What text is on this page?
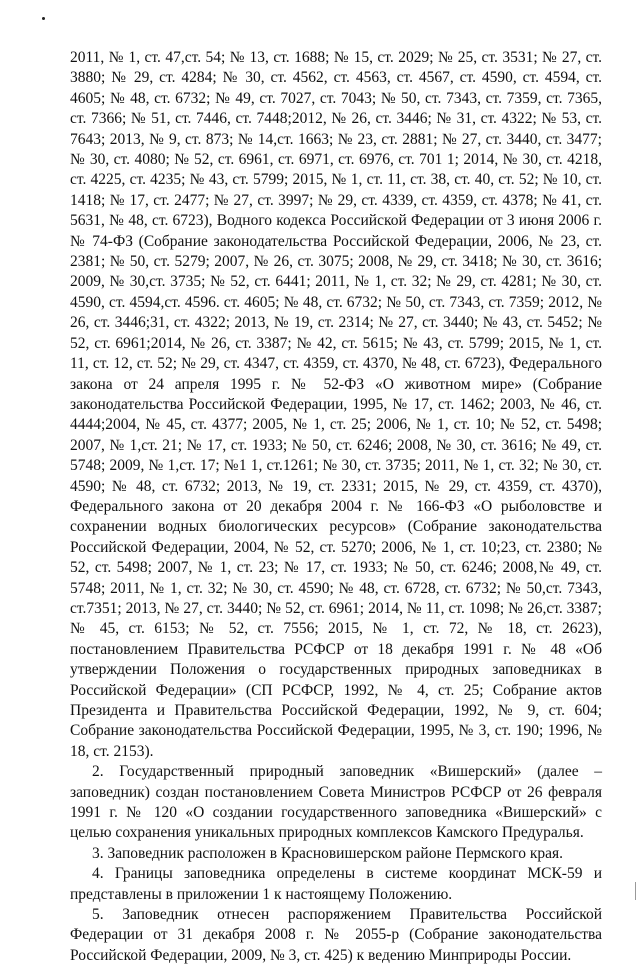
2011, № 1, ст. 47,ст. 54; № 13, ст. 1688; № 15, ст. 2029; № 25, ст. 3531; № 27, ст. 3880; № 29, ст. 4284; № 30, ст. 4562, ст. 4563, ст. 4567, ст. 4590, ст. 4594, ст. 4605; № 48, ст. 6732; № 49, ст. 7027, ст. 7043; № 50, ст. 7343, ст. 7359, ст. 7365, ст. 7366; № 51, ст. 7446, ст. 7448;2012, № 26, ст. 3446; № 31, ст. 4322; № 53, ст. 7643; 2013, № 9, ст. 873; № 14,ст. 1663; № 23, ст. 2881; № 27, ст. 3440, ст. 3477; № 30, ст. 4080; № 52, ст. 6961, ст. 6971, ст. 6976, ст. 701 1; 2014, № 30, ст. 4218, ст. 4225, ст. 4235; № 43, ст. 5799; 2015, № 1, ст. 11, ст. 38, ст. 40, ст. 52; № 10, ст. 1418; № 17, ст. 2477; № 27, ст. 3997; № 29, ст. 4339, ст. 4359, ст. 4378; № 41, ст. 5631, № 48, ст. 6723), Водного кодекса Российской Федерации от 3 июня 2006 г. № 74-ФЗ (Собрание законодательства Российской Федерации, 2006, № 23, ст. 2381; № 50, ст. 5279; 2007, № 26, ст. 3075; 2008, № 29, ст. 3418; № 30, ст. 3616; 2009, № 30,ст. 3735; № 52, ст. 6441; 2011, № 1, ст. 32; № 29, ст. 4281; № 30, ст. 4590, ст. 4594,ст. 4596. ст. 4605; № 48, ст. 6732; № 50, ст. 7343, ст. 7359; 2012, № 26, ст. 3446;31, ст. 4322; 2013, № 19, ст. 2314; № 27, ст. 3440; № 43, ст. 5452; № 52, ст. 6961;2014, № 26, ст. 3387; № 42, ст. 5615; № 43, ст. 5799; 2015, № 1, ст. 11, ст. 12, ст. 52; № 29, ст. 4347, ст. 4359, ст. 4370, № 48, ст. 6723), Федерального закона от 24 апреля 1995 г. № 52-ФЗ «О животном мире» (Собрание законодательства Российской Федерации, 1995, № 17, ст. 1462; 2003, № 46, ст. 4444;2004, № 45, ст. 4377; 2005, № 1, ст. 25; 2006, № 1, ст. 10; № 52, ст. 5498; 2007, № 1,ст. 21; № 17, ст. 1933; № 50, ст. 6246; 2008, № 30, ст. 3616; № 49, ст. 5748; 2009, № 1,ст. 17; №1 1, ст.1261; № 30, ст. 3735; 2011, № 1, ст. 32; № 30, ст. 4590; № 48, ст. 6732; 2013, № 19, ст. 2331; 2015, № 29, ст. 4359, ст. 4370), Федерального закона от 20 декабря 2004 г. № 166-ФЗ «О рыболовстве и сохранении водных биологических ресурсов» (Собрание законодательства Российской Федерации, 2004, № 52, ст. 5270; 2006, № 1, ст. 10;23, ст. 2380; № 52, ст. 5498; 2007, № 1, ст. 23; № 17, ст. 1933; № 50, ст. 6246; 2008,№ 49, ст. 5748; 2011, № 1, ст. 32; № 30, ст. 4590; № 48, ст. 6728, ст. 6732; № 50,ст. 7343, ст.7351; 2013, № 27, ст. 3440; № 52, ст. 6961; 2014, № 11, ст. 1098; № 26,ст. 3387; № 45, ст. 6153; № 52, ст. 7556; 2015, № 1, ст. 72, № 18, ст. 2623), постановлением Правительства РСФСР от 18 декабря 1991 г. № 48 «Об утверждении Положения о государственных природных заповедниках в Российской Федерации» (СП РСФСР, 1992, № 4, ст. 25; Собрание актов Президента и Правительства Российской Федерации, 1992, № 9, ст. 604; Собрание законодательства Российской Федерации, 1995, № 3, ст. 190; 1996, № 18, ст. 2153).

2. Государственный природный заповедник «Вишерский» (далее – заповедник) создан постановлением Совета Министров РСФСР от 26 февраля 1991 г. № 120 «О создании государственного заповедника «Вишерский» с целью сохранения уникальных природных комплексов Камского Предуралья.

3. Заповедник расположен в Красновишерском районе Пермского края.

4. Границы заповедника определены в системе координат МСК-59 и представлены в приложении 1 к настоящему Положению.

5. Заповедник отнесен распоряжением Правительства Российской Федерации от 31 декабря 2008 г. № 2055-р (Собрание законодательства Российской Федерации, 2009, № 3, ст. 425) к ведению Минприроды России.
